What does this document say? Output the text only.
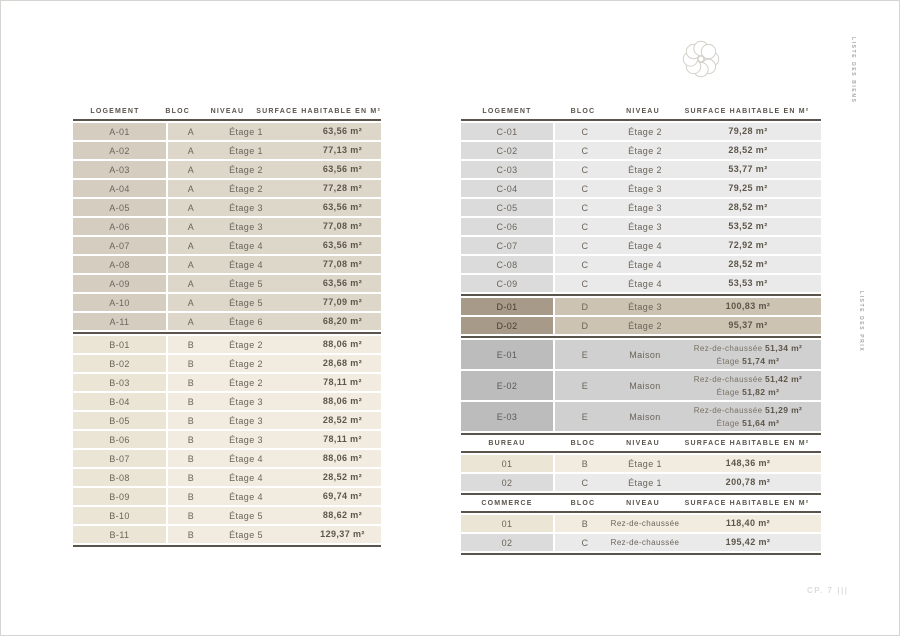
LISTE DES BIENS
LISTE DES PRIX
CP. 7 |||
LOGEMENT	BLOC	NIVEAU	SURFACE HABITABLE EN M²
A-01	A	Étage 1	63,56 m²
A-02	A	Étage 1	77,13 m²
A-03	A	Étage 2	63,56 m²
A-04	A	Étage 2	77,28 m²
A-05	A	Étage 3	63,56 m²
A-06	A	Étage 3	77,08 m²
A-07	A	Étage 4	63,56 m²
A-08	A	Étage 4	77,08 m²
A-09	A	Étage 5	63,56 m²
A-10	A	Étage 5	77,09 m²
A-11	A	Étage 6	68,20 m²
B-01	B	Étage 2	88,06 m²
B-02	B	Étage 2	28,68 m²
B-03	B	Étage 2	78,11 m²
B-04	B	Étage 3	88,06 m²
B-05	B	Étage 3	28,52 m²
B-06	B	Étage 3	78,11 m²
B-07	B	Étage 4	88,06 m²
B-08	B	Étage 4	28,52 m²
B-09	B	Étage 4	69,74 m²
B-10	B	Étage 5	88,62 m²
B-11	B	Étage 5	129,37 m²
LOGEMENT	BLOC	NIVEAU	SURFACE HABITABLE EN M²
C-01	C	Étage 2	79,28 m²
C-02	C	Étage 2	28,52 m²
C-03	C	Étage 2	53,77 m²
C-04	C	Étage 3	79,25 m²
C-05	C	Étage 3	28,52 m²
C-06	C	Étage 3	53,52 m²
C-07	C	Étage 4	72,92 m²
C-08	C	Étage 4	28,52 m²
C-09	C	Étage 4	53,53 m²
D-01	D	Étage 3	100,83 m²
D-02	D	Étage 2	95,37 m²
E-01	E	Maison
Rez-de-chaussée 51,34 m²
Étage 51,74 m²
E-02	E	Maison
Rez-de-chaussée 51,42 m²
Étage 51,82 m²
E-03	E	Maison
Rez-de-chaussée 51,29 m²
Étage 51,64 m²
BUREAU	BLOC	NIVEAU	SURFACE HABITABLE EN M²
01	B	Étage 1	148,36 m²
02	C	Étage 1	200,78 m²
COMMERCE	BLOC	NIVEAU	SURFACE HABITABLE EN M²
01	B	Rez-de-chaussée	118,40 m²
02	C	Rez-de-chaussée	195,42 m²
